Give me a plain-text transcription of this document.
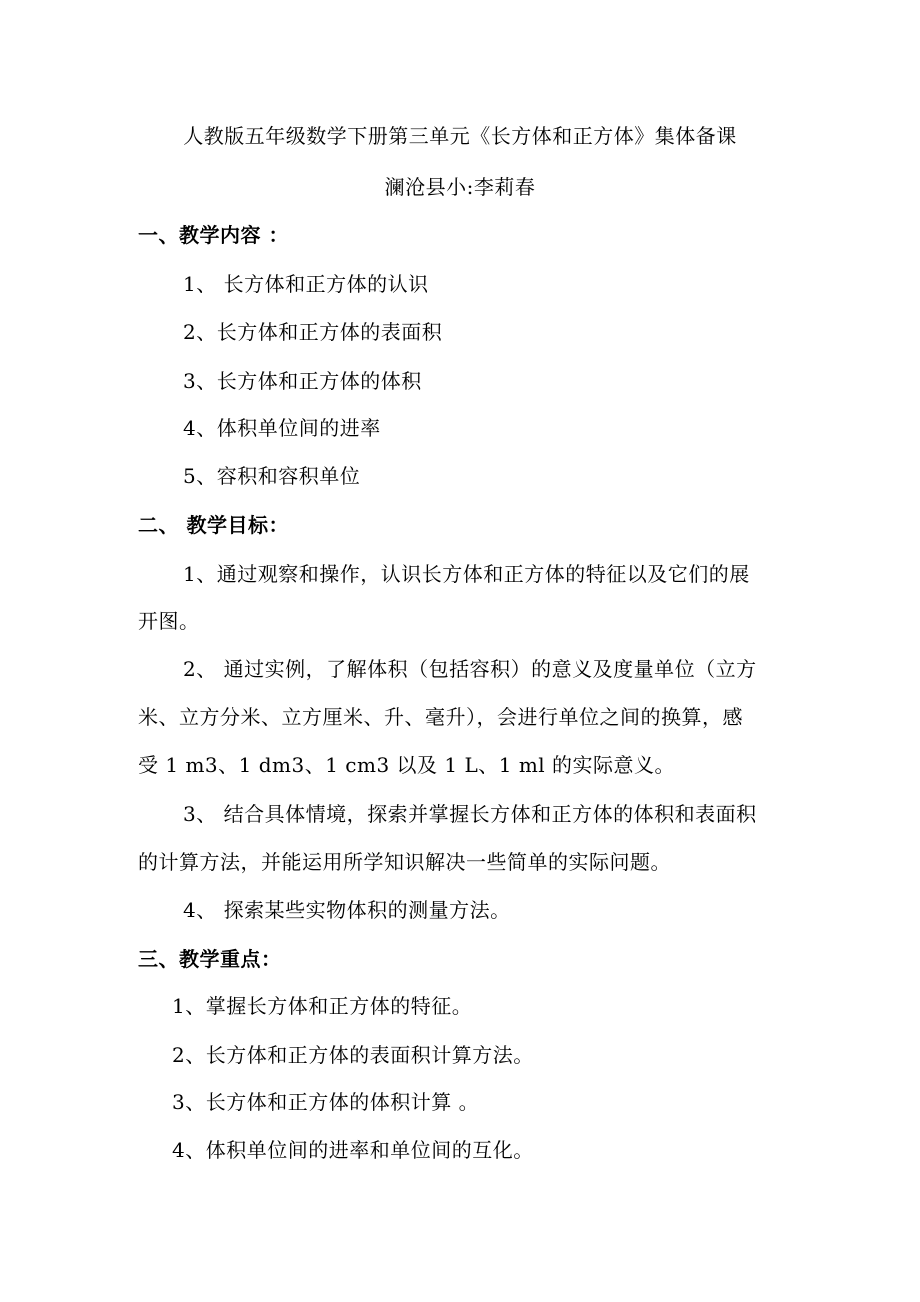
人教版五年级数学下册第三单元《长方体和正方体》集体备课
澜沧县小:李莉春
一、教学内容 ：
1、 长方体和正方体的认识
2、长方体和正方体的表面积
3、长方体和正方体的体积
4、体积单位间的进率
5、容积和容积单位
二、 教学目标：
1、通过观察和操作，认识长方体和正方体的特征以及它们的展
开图。
2、 通过实例，了解体积（包括容积）的意义及度量单位（立方
米、立方分米、立方厘米、升、毫升），会进行单位之间的换算，感
受 1 m3、1 dm3、1 cm3 以及 1 L、1 ml 的实际意义。
3、 结合具体情境，探索并掌握长方体和正方体的体积和表面积
的计算方法，并能运用所学知识解决一些简单的实际问题。
4、 探索某些实物体积的测量方法。
三、教学重点：
1、掌握长方体和正方体的特征。
2、长方体和正方体的表面积计算方法。
3、长方体和正方体的体积计算 。
4、体积单位间的进率和单位间的互化。
